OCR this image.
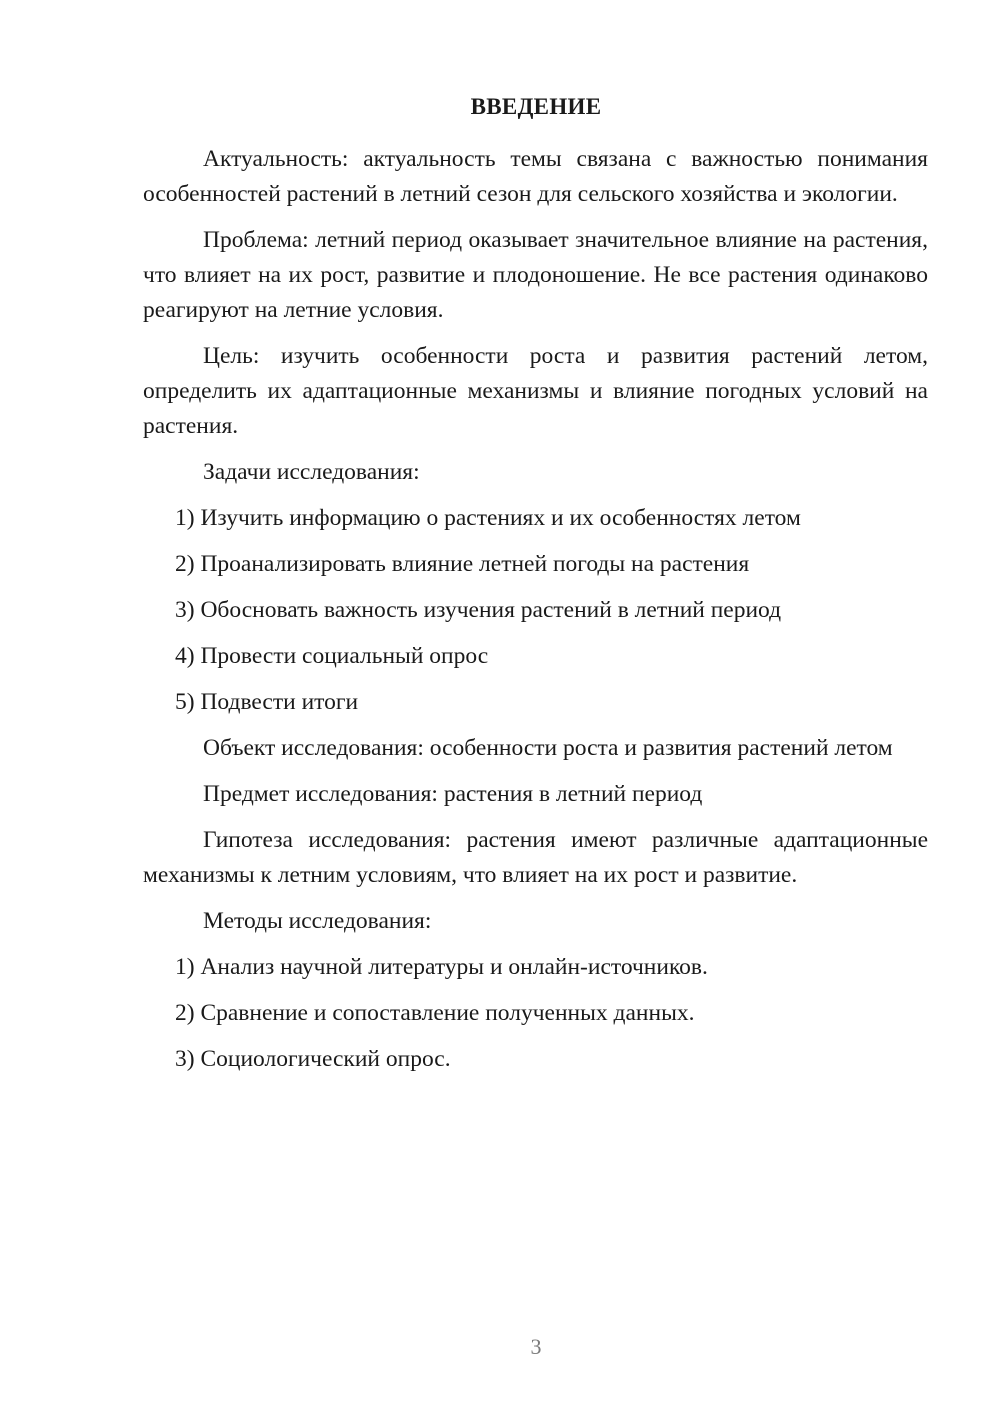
ВВЕДЕНИЕ

Актуальность: актуальность темы связана с важностью понимания особенностей растений в летний сезон для сельского хозяйства и экологии.

Проблема: летний период оказывает значительное влияние на растения, что влияет на их рост, развитие и плодоношение. Не все растения одинаково реагируют на летние условия.

Цель: изучить особенности роста и развития растений летом, определить их адаптационные механизмы и влияние погодных условий на растения.

Задачи исследования:

1) Изучить информацию о растениях и их особенностях летом

2) Проанализировать влияние летней погоды на растения

3) Обосновать важность изучения растений в летний период

4) Провести социальный опрос

5) Подвести итоги

Объект исследования: особенности роста и развития растений летом

Предмет исследования: растения в летний период

Гипотеза исследования: растения имеют различные адаптационные механизмы к летним условиям, что влияет на их рост и развитие.

Методы исследования:

1) Анализ научной литературы и онлайн-источников.

2) Сравнение и сопоставление полученных данных.

3) Социологический опрос.

3
